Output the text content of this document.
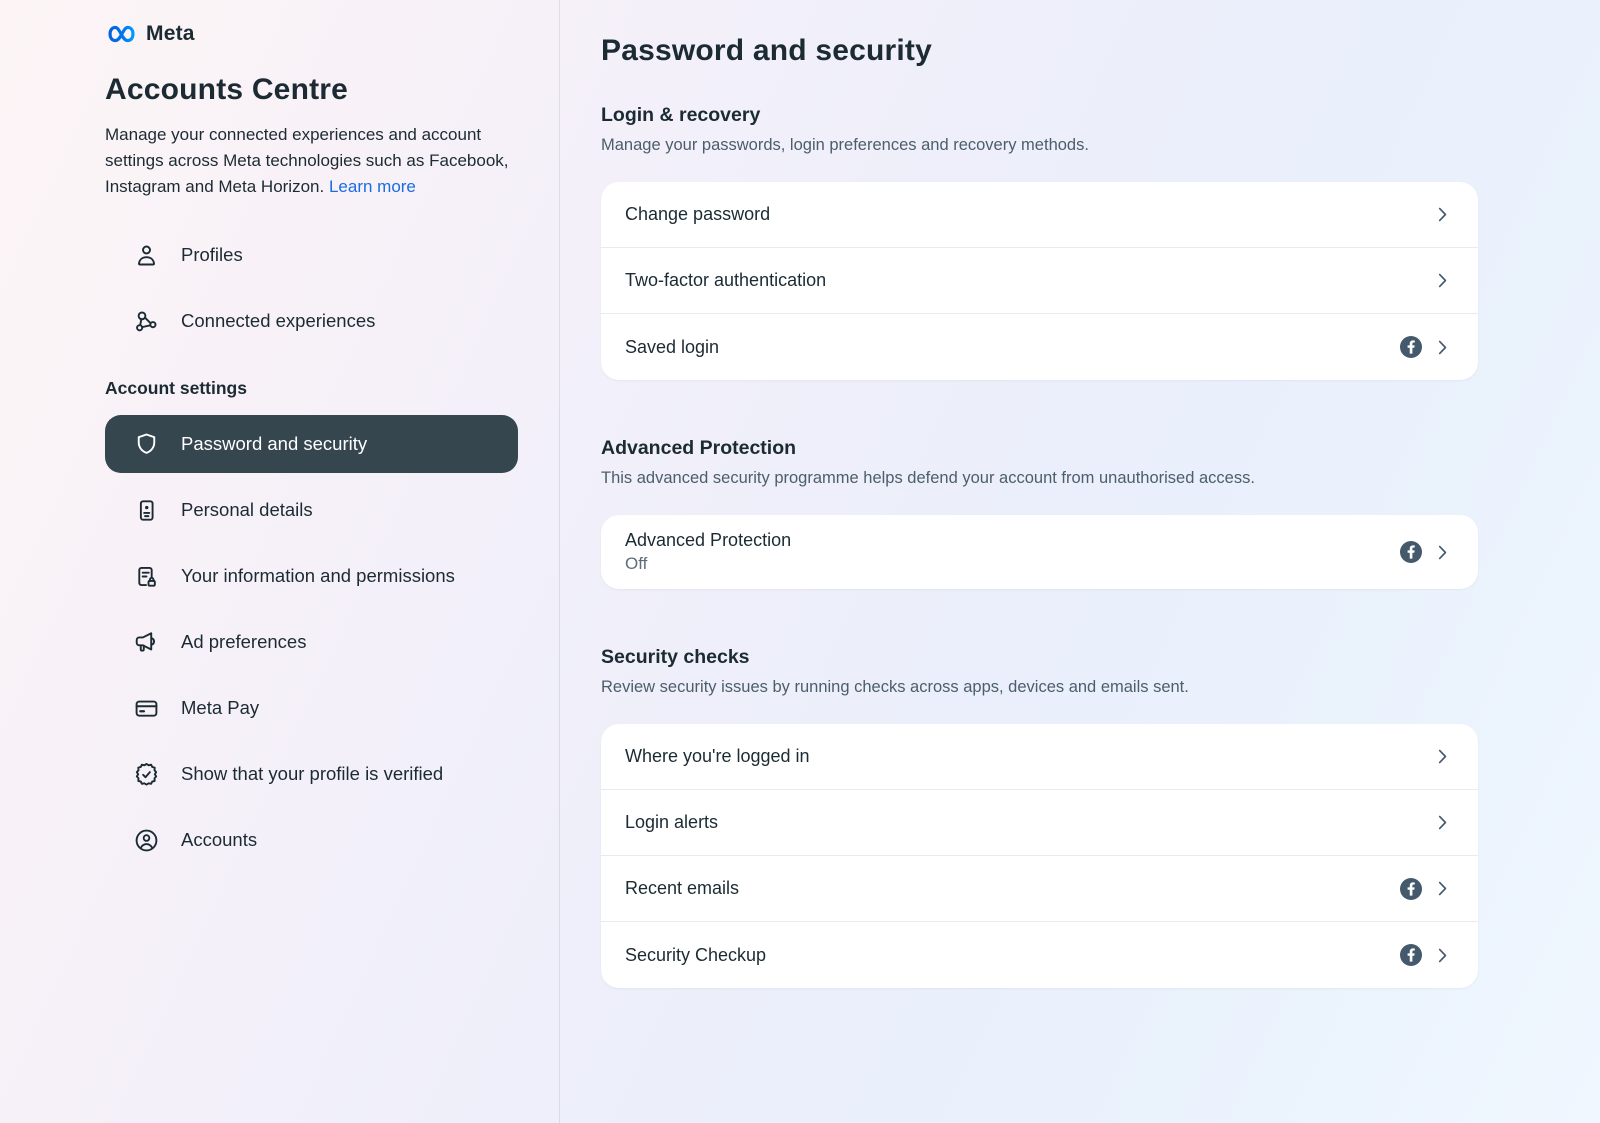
Meta
Accounts Centre

Manage your connected experiences and account settings across Meta technologies such as Facebook, Instagram and Meta Horizon. Learn more

Profiles
Connected experiences
Account settings
Password and security
Personal details
Your information and permissions
Ad preferences
Meta Pay
Show that your profile is verified
Accounts
Password and security
Login & recovery

Manage your passwords, login preferences and recovery methods.

Change password
Two-factor authentication
Saved login
Advanced Protection

This advanced security programme helps defend your account from unauthorised access.

Advanced Protection
Off
Security checks

Review security issues by running checks across apps, devices and emails sent.

Where you're logged in
Login alerts
Recent emails
Security Checkup
